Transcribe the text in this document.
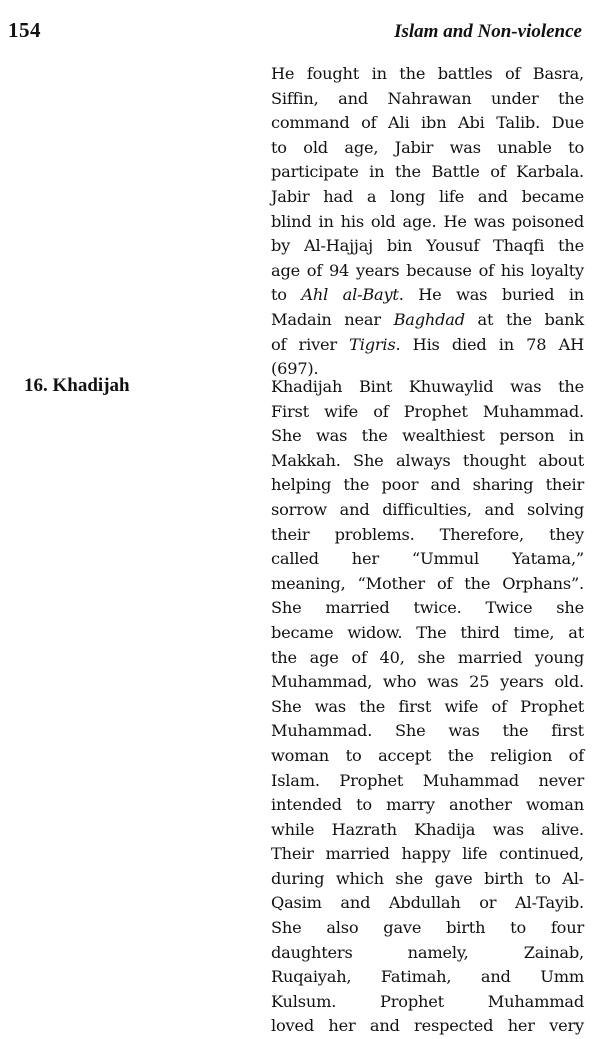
154	Islam and Non-violence
He fought in the battles of Basra,
Siffin, and Nahrawan under the
command of Ali ibn Abi Talib. Due
to old age, Jabir was unable to
participate in the Battle of Karbala.
Jabir had a long life and became
blind in his old age. He was poisoned
by Al-Hajjaj bin Yousuf Thaqfi the
age of 94 years because of his loyalty
to Ahl al-Bayt. He was buried in
Madain near Baghdad at the bank
of river Tigris. His died in 78 AH
(697).
16. Khadijah	Khadijah Bint Khuwaylid was the
First wife of Prophet Muhammad.
She was the wealthiest person in
Makkah. She always thought about
helping the poor and sharing their
sorrow and difficulties, and solving
their problems. Therefore, they
called her “Ummul Yatama,”
meaning, “Mother of the Orphans”.
She married twice. Twice she
became widow. The third time, at
the age of 40, she married young
Muhammad, who was 25 years old.
She was the first wife of Prophet
Muhammad. She was the first
woman to accept the religion of
Islam. Prophet Muhammad never
intended to marry another woman
while Hazrath Khadija was alive.
Their married happy life continued,
during which she gave birth to Al-
Qasim and Abdullah or Al-Tayib.
She also gave birth to four
daughters namely, Zainab,
Ruqaiyah, Fatimah, and Umm
Kulsum. Prophet Muhammad
loved her and respected her very
